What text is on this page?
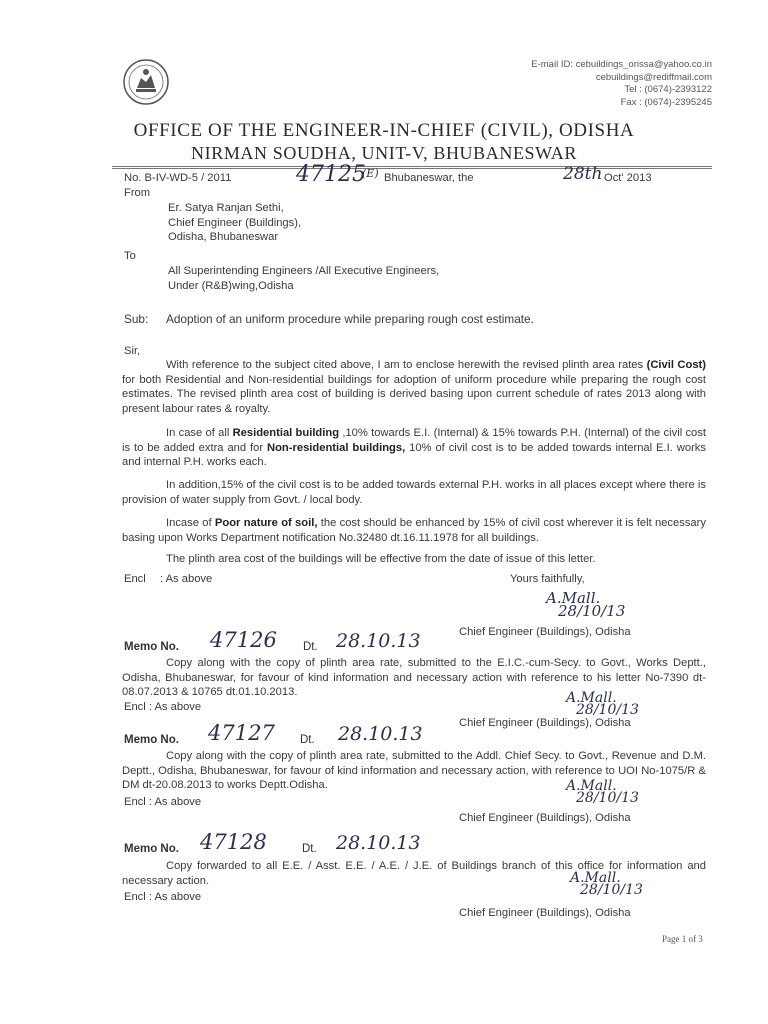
E-mail ID: cebuildings_orissa@yahoo.co.in
cebuildings@rediffmail.com
Tel : (0674)-2393122
Fax : (0674)-2395245
OFFICE OF THE ENGINEER-IN-CHIEF (CIVIL), ODISHA
NIRMAN SOUDHA, UNIT-V, BHUBANESWAR
No. B-IV-WD-5 / 2011	47125
(E) Bhubaneswar, the	28th Oct' 2013
From
Er. Satya Ranjan Sethi,
Chief Engineer (Buildings),
Odisha, Bhubaneswar
To
All Superintending Engineers /All Executive Engineers,
Under (R&B)wing,Odisha
Sub: Adoption of an uniform procedure while preparing rough cost estimate.
Sir,
With reference to the subject cited above, I am to enclose herewith the revised plinth area rates (Civil Cost) for both Residential and Non-residential buildings for adoption of uniform procedure while preparing the rough cost estimates. The revised plinth area cost of building is derived basing upon current schedule of rates 2013 along with present labour rates & royalty.
In case of all Residential building ,10% towards E.I. (Internal) & 15% towards P.H. (Internal) of the civil cost is to be added extra and for Non-residential buildings, 10% of civil cost is to be added towards internal E.I. works and internal P.H. works each.
In addition,15% of the civil cost is to be added towards external P.H. works in all places except where there is provision of water supply from Govt. / local body.
Incase of Poor nature of soil, the cost should be enhanced by 15% of civil cost wherever it is felt necessary basing upon Works Department notification No.32480 dt.16.11.1978 for all buildings.
The plinth area cost of the buildings will be effective from the date of issue of this letter.
Encl : As above	Yours faithfully,
A.Mall.
28/10/13
Chief Engineer (Buildings), Odisha
Memo No. 47126 Dt. 28.10.13
Copy along with the copy of plinth area rate, submitted to the E.I.C.-cum-Secy. to Govt., Works Deptt., Odisha, Bhubaneswar, for favour of kind information and necessary action with reference to his letter No-7390 dt-08.07.2013 & 10765 dt.01.10.2013.
Encl : As above
A.Mall.
28/10/13
Chief Engineer (Buildings), Odisha
Memo No. 47127 Dt. 28.10.13
Copy along with the copy of plinth area rate, submitted to the Addl. Chief Secy. to Govt., Revenue and D.M. Deptt., Odisha, Bhubaneswar, for favour of kind information and necessary action, with reference to UOI No-1075/R & DM dt-20.08.2013 to works Deptt.Odisha.
Encl : As above
A.Mall.
28/10/13
Chief Engineer (Buildings), Odisha
Memo No. 47128	Dt. 28.10.13
Copy forwarded to all E.E. / Asst. E.E. / A.E. / J.E. of Buildings branch of this office for information and necessary action.
Encl : As above
A.Mall.
28/10/13
Chief Engineer (Buildings), Odisha
Page 1 of 3
